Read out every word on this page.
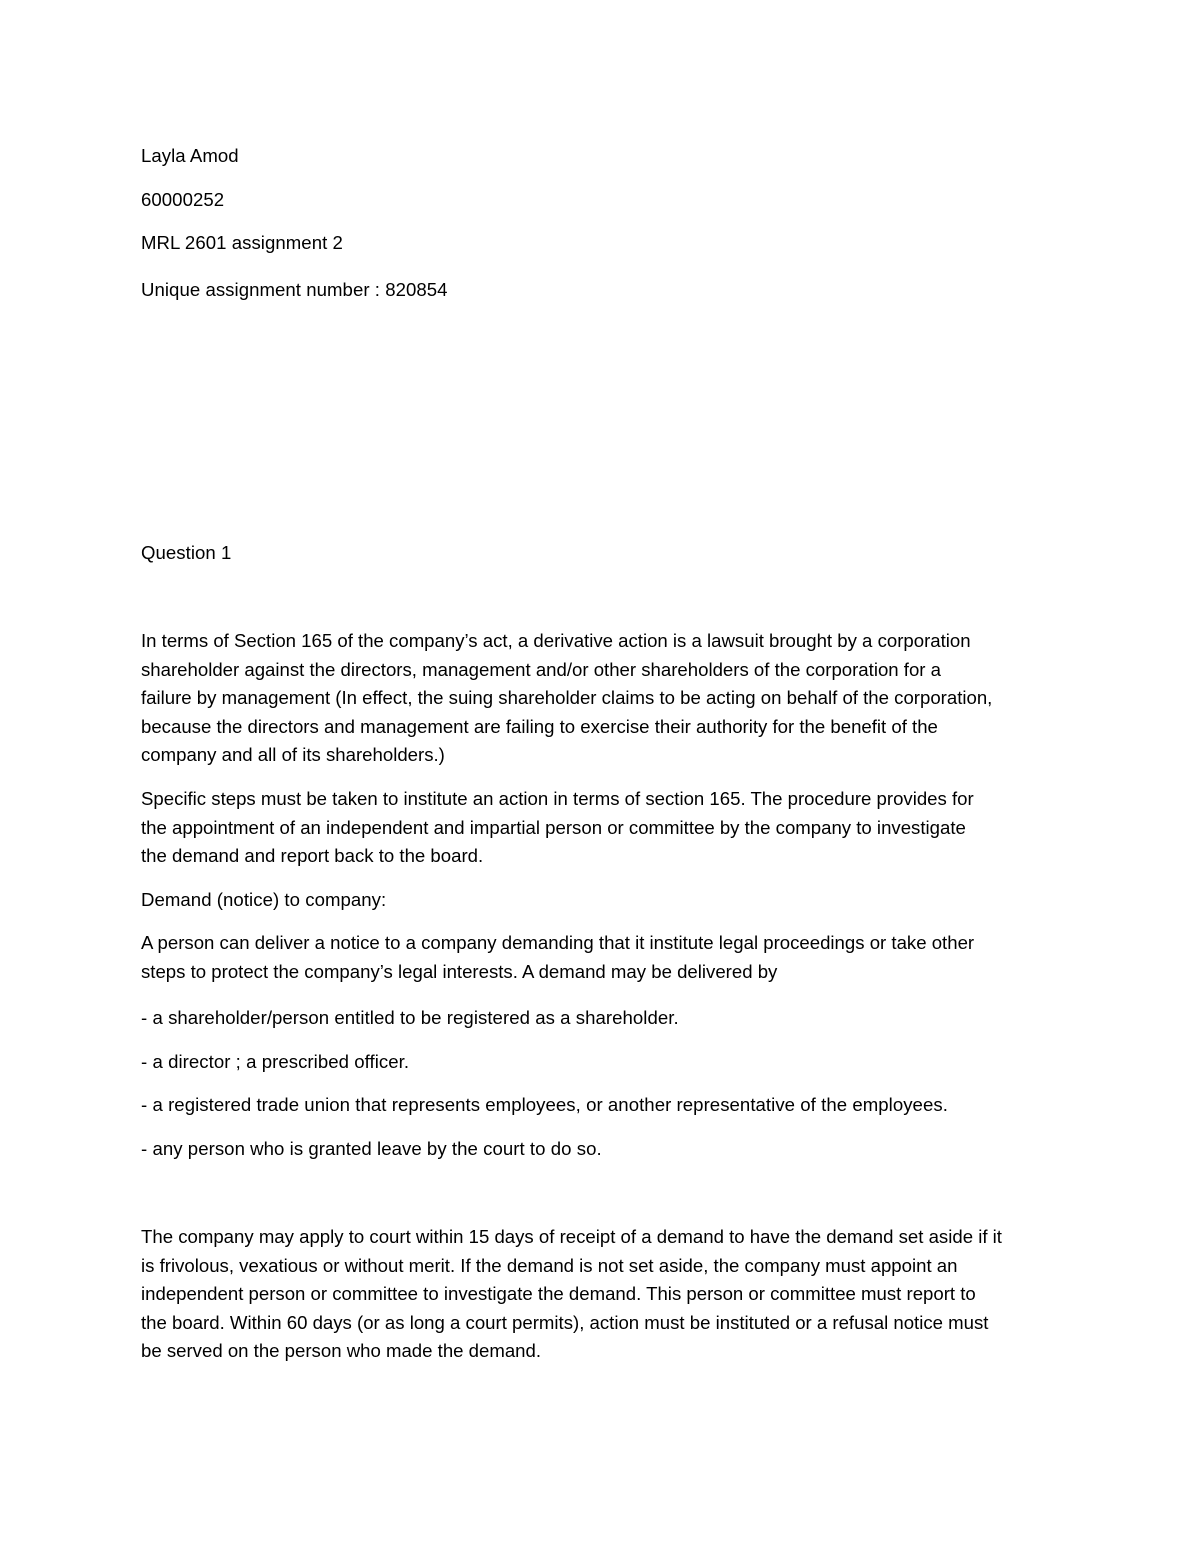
Layla Amod
60000252
MRL 2601 assignment 2
Unique assignment number : 820854
Question 1
In terms of Section 165 of the company’s act, a derivative action is a lawsuit brought by a corporation
shareholder against the directors, management and/or other shareholders of the corporation for a
failure by management (In effect, the suing shareholder claims to be acting on behalf of the corporation,
because the directors and management are failing to exercise their authority for the benefit of the
company and all of its shareholders.)
Specific steps must be taken to institute an action in terms of section 165. The procedure provides for
the appointment of an independent and impartial person or committee by the company to investigate
the demand and report back to the board.
Demand (notice) to company:
A person can deliver a notice to a company demanding that it institute legal proceedings or take other
steps to protect the company’s legal interests. A demand may be delivered by
- a shareholder/person entitled to be registered as a shareholder.
- a director ; a prescribed officer.
- a registered trade union that represents employees, or another representative of the employees.
- any person who is granted leave by the court to do so.
The company may apply to court within 15 days of receipt of a demand to have the demand set aside if it
is frivolous, vexatious or without merit. If the demand is not set aside, the company must appoint an
independent person or committee to investigate the demand. This person or committee must report to
the board. Within 60 days (or as long a court permits), action must be instituted or a refusal notice must
be served on the person who made the demand.
